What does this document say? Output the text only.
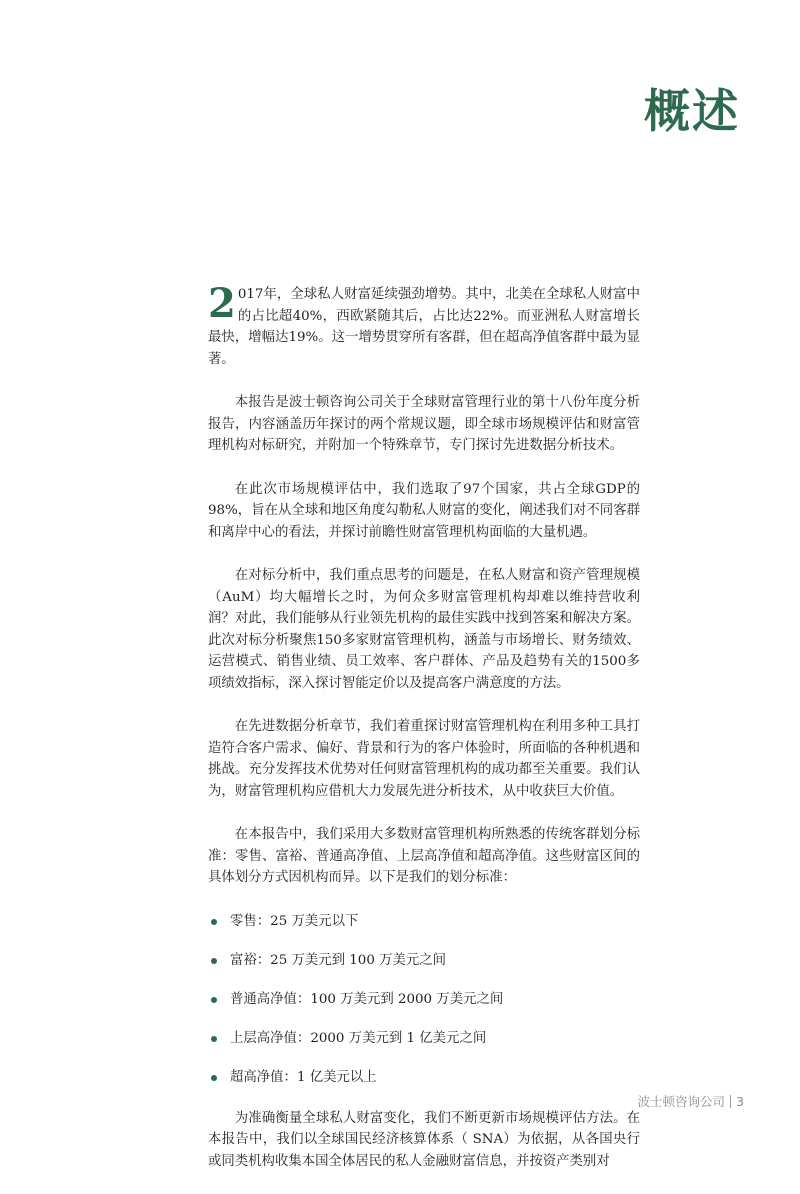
概述

2 017年，全球私人财富延续强劲增势。其中，北美在全球私人财富中的占比超40%，西欧紧随其后，占比达22%。而亚洲私人财富增长最快，增幅达19%。这一增势贯穿所有客群，但在超高净值客群中最为显著。

本报告是波士顿咨询公司关于全球财富管理行业的第十八份年度分析报告，内容涵盖历年探讨的两个常规议题，即全球市场规模评估和财富管理机构对标研究，并附加一个特殊章节，专门探讨先进数据分析技术。

在此次市场规模评估中，我们选取了97个国家，共占全球GDP的98%，旨在从全球和地区角度勾勒私人财富的变化，阐述我们对不同客群和离岸中心的看法，并探讨前瞻性财富管理机构面临的大量机遇。

在对标分析中，我们重点思考的问题是，在私人财富和资产管理规模（AuM）均大幅增长之时，为何众多财富管理机构却难以维持营收利润？对此，我们能够从行业领先机构的最佳实践中找到答案和解决方案。此次对标分析聚焦150多家财富管理机构，涵盖与市场增长、财务绩效、运营模式、销售业绩、员工效率、客户群体、产品及趋势有关的1500多项绩效指标，深入探讨智能定价以及提高客户满意度的方法。

在先进数据分析章节，我们着重探讨财富管理机构在利用多种工具打造符合客户需求、偏好、背景和行为的客户体验时，所面临的各种机遇和挑战。充分发挥技术优势对任何财富管理机构的成功都至关重要。我们认为，财富管理机构应借机大力发展先进分析技术，从中收获巨大价值。

在本报告中，我们采用大多数财富管理机构所熟悉的传统客群划分标准：零售、富裕、普通高净值、上层高净值和超高净值。这些财富区间的具体划分方式因机构而异。以下是我们的划分标准：

零售：25 万美元以下
富裕：25 万美元到 100 万美元之间
普通高净值：100 万美元到 2000 万美元之间
上层高净值：2000 万美元到 1 亿美元之间
超高净值：1 亿美元以上

为准确衡量全球私人财富变化，我们不断更新市场规模评估方法。在本报告中，我们以全球国民经济核算体系（ SNA）为依据，从各国央行或同类机构收集本国全体居民的私人金融财富信息，并按资产类别对

波士顿咨询公司 3
